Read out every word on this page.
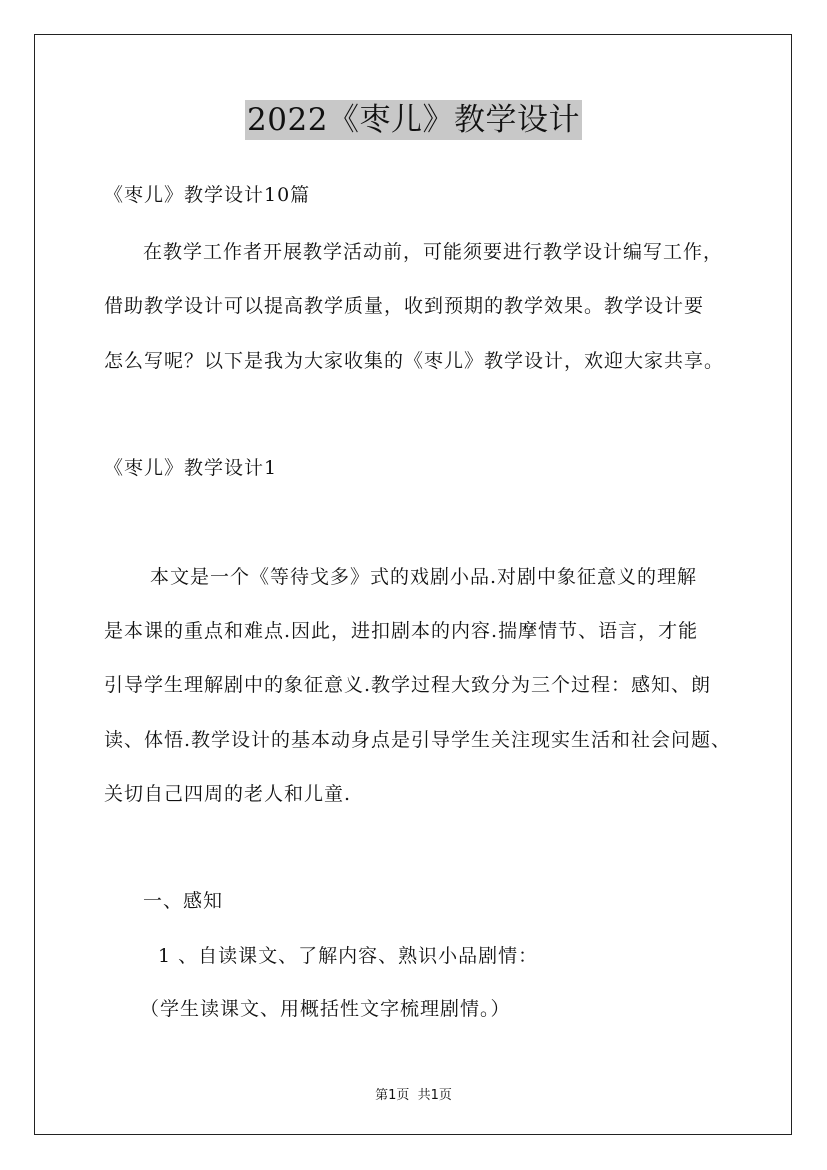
2022《枣儿》教学设计
《枣儿》教学设计10篇
在教学工作者开展教学活动前，可能须要进行教学设计编写工作，
借助教学设计可以提高教学质量，收到预期的教学效果。教学设计要
怎么写呢？以下是我为大家收集的《枣儿》教学设计，欢迎大家共享。
《枣儿》教学设计1
本文是一个《等待戈多》式的戏剧小品.对剧中象征意义的理解
是本课的重点和难点.因此，进扣剧本的内容.揣摩情节、语言，才能
引导学生理解剧中的象征意义.教学过程大致分为三个过程：感知、朗
读、体悟.教学设计的基本动身点是引导学生关注现实生活和社会问题、
关切自己四周的老人和儿童.
一、感知
1 、自读课文、了解内容、熟识小品剧情：
（学生读课文、用概括性文字梳理剧情。）
第1页 共1页
